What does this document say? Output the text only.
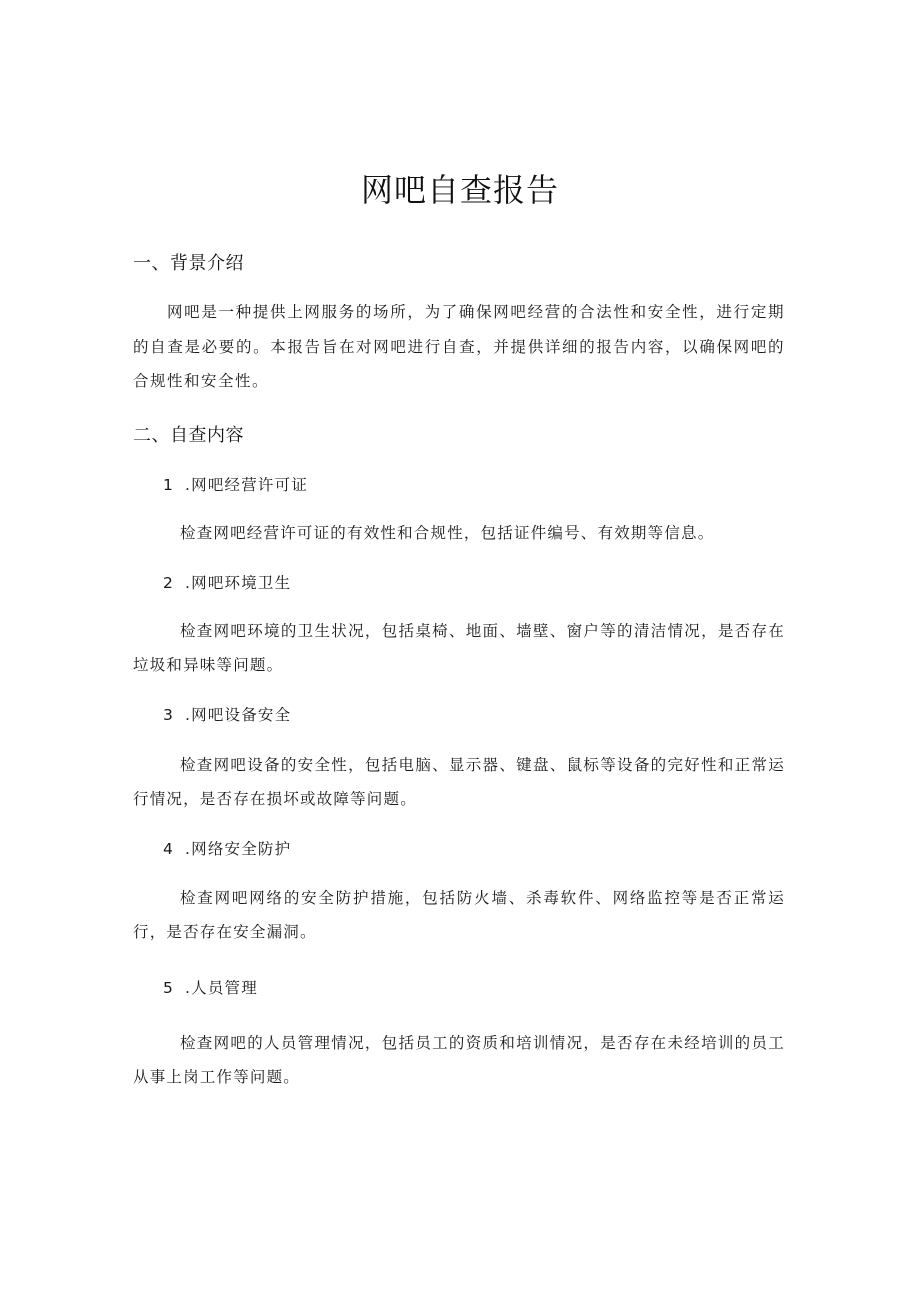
网吧自查报告
一、背景介绍
网吧是一种提供上网服务的场所，为了确保网吧经营的合法性和安全性，进行定期的自查是必要的。本报告旨在对网吧进行自查，并提供详细的报告内容，以确保网吧的合规性和安全性。
二、自查内容
1 .网吧经营许可证
检查网吧经营许可证的有效性和合规性，包括证件编号、有效期等信息。
2 .网吧环境卫生
检查网吧环境的卫生状况，包括桌椅、地面、墙壁、窗户等的清洁情况，是否存在垃圾和异味等问题。
3 .网吧设备安全
检查网吧设备的安全性，包括电脑、显示器、键盘、鼠标等设备的完好性和正常运行情况，是否存在损坏或故障等问题。
4 .网络安全防护
检查网吧网络的安全防护措施，包括防火墙、杀毒软件、网络监控等是否正常运行，是否存在安全漏洞。
5 .人员管理
检查网吧的人员管理情况，包括员工的资质和培训情况，是否存在未经培训的员工从事上岗工作等问题。
